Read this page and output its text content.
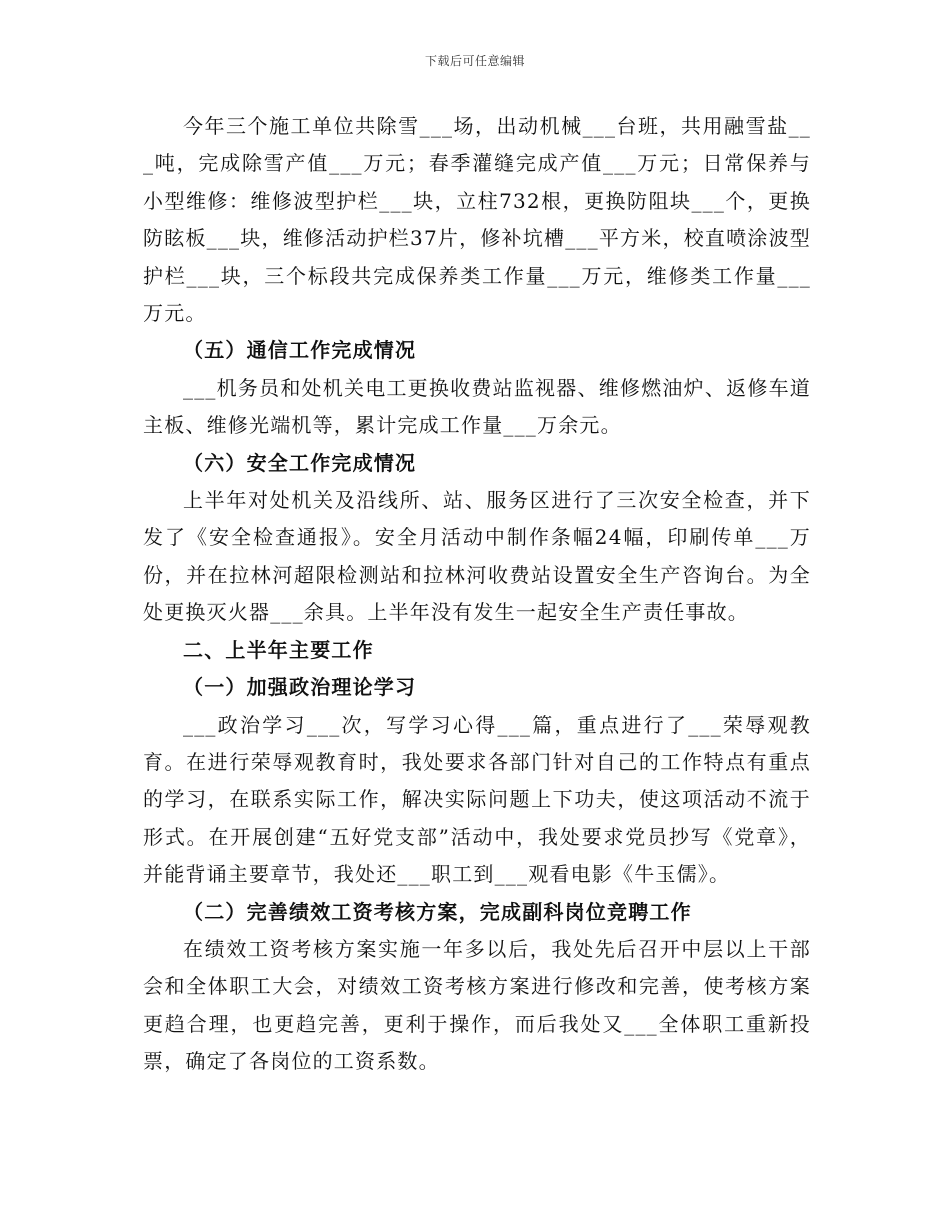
下载后可任意编辑

今年三个施工单位共除雪___场，出动机械___台班，共用融雪盐___吨，完成除雪产值___万元；春季灌缝完成产值___万元；日常保养与小型维修：维修波型护栏___块，立柱732根，更换防阻块___个，更换防眩板___块，维修活动护栏37片，修补坑槽___平方米，校直喷涂波型护栏___块，三个标段共完成保养类工作量___万元，维修类工作量___万元。

（五）通信工作完成情况

___机务员和处机关电工更换收费站监视器、维修燃油炉、返修车道主板、维修光端机等，累计完成工作量___万余元。

（六）安全工作完成情况

上半年对处机关及沿线所、站、服务区进行了三次安全检查，并下发了《安全检查通报》。安全月活动中制作条幅24幅，印刷传单___万份，并在拉林河超限检测站和拉林河收费站设置安全生产咨询台。为全处更换灭火器___余具。上半年没有发生一起安全生产责任事故。

二、上半年主要工作

（一）加强政治理论学习

___政治学习___次，写学习心得___篇，重点进行了___荣辱观教育。在进行荣辱观教育时，我处要求各部门针对自己的工作特点有重点的学习，在联系实际工作，解决实际问题上下功夫，使这项活动不流于形式。在开展创建“五好党支部”活动中，我处要求党员抄写《党章》，并能背诵主要章节，我处还___职工到___观看电影《牛玉儒》。

（二）完善绩效工资考核方案，完成副科岗位竞聘工作

在绩效工资考核方案实施一年多以后，我处先后召开中层以上干部会和全体职工大会，对绩效工资考核方案进行修改和完善，使考核方案更趋合理，也更趋完善，更利于操作，而后我处又___全体职工重新投票，确定了各岗位的工资系数。
